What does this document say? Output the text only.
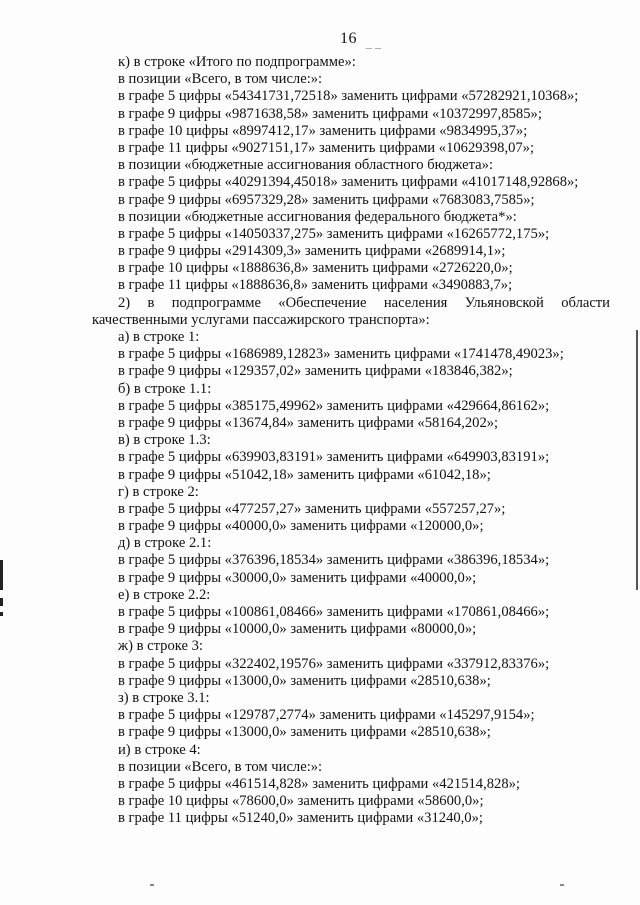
16 _ _
к) в строке «Итого по подпрограмме»:
в позиции «Всего, в том числе:»:
в графе 5 цифры «54341731,72518» заменить цифрами «57282921,10368»;
в графе 9 цифры «9871638,58» заменить цифрами «10372997,8585»;
в графе 10 цифры «8997412,17» заменить цифрами «9834995,37»;
в графе 11 цифры «9027151,17» заменить цифрами «10629398,07»;
в позиции «бюджетные ассигнования областного бюджета»:
в графе 5 цифры «40291394,45018» заменить цифрами «41017148,92868»;
в графе 9 цифры «6957329,28» заменить цифрами «7683083,7585»;
в позиции «бюджетные ассигнования федерального бюджета*»:
в графе 5 цифры «14050337,275» заменить цифрами «16265772,175»;
в графе 9 цифры «2914309,3» заменить цифрами «2689914,1»;
в графе 10 цифры «1888636,8» заменить цифрами «2726220,0»;
в графе 11 цифры «1888636,8» заменить цифрами «3490883,7»;
2) в подпрограмме «Обеспечение населения Ульяновской области
качественными услугами пассажирского транспорта»:
а) в строке 1:
в графе 5 цифры «1686989,12823» заменить цифрами «1741478,49023»;
в графе 9 цифры «129357,02» заменить цифрами «183846,382»;
б) в строке 1.1:
в графе 5 цифры «385175,49962» заменить цифрами «429664,86162»;
в графе 9 цифры «13674,84» заменить цифрами «58164,202»;
в) в строке 1.3:
в графе 5 цифры «639903,83191» заменить цифрами «649903,83191»;
в графе 9 цифры «51042,18» заменить цифрами «61042,18»;
г) в строке 2:
в графе 5 цифры «477257,27» заменить цифрами «557257,27»;
в графе 9 цифры «40000,0» заменить цифрами «120000,0»;
д) в строке 2.1:
в графе 5 цифры «376396,18534» заменить цифрами «386396,18534»;
в графе 9 цифры «30000,0» заменить цифрами «40000,0»;
е) в строке 2.2:
в графе 5 цифры «100861,08466» заменить цифрами «170861,08466»;
в графе 9 цифры «10000,0» заменить цифрами «80000,0»;
ж) в строке 3:
в графе 5 цифры «322402,19576» заменить цифрами «337912,83376»;
в графе 9 цифры «13000,0» заменить цифрами «28510,638»;
з) в строке 3.1:
в графе 5 цифры «129787,2774» заменить цифрами «145297,9154»;
в графе 9 цифры «13000,0» заменить цифрами «28510,638»;
и) в строке 4:
в позиции «Всего, в том числе:»:
в графе 5 цифры «461514,828» заменить цифрами «421514,828»;
в графе 10 цифры «78600,0» заменить цифрами «58600,0»;
в графе 11 цифры «51240,0» заменить цифрами «31240,0»;
